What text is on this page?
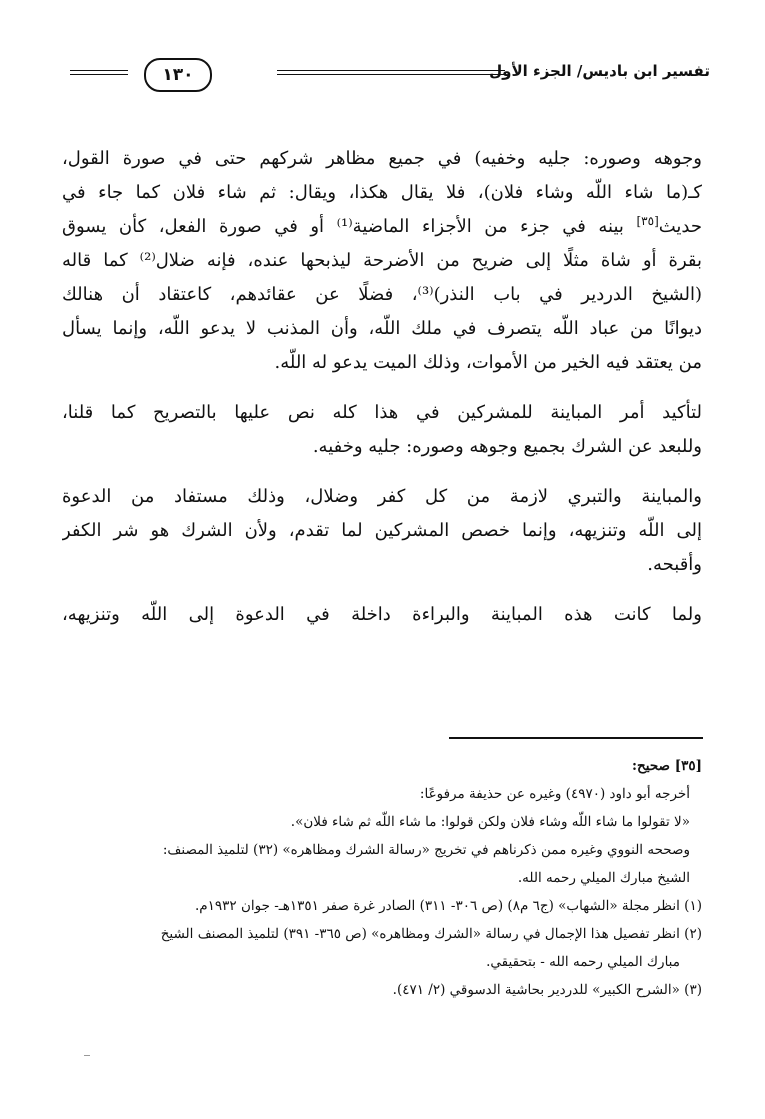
تفسير ابن باديس/ الجزء الأول
١٣٠
وجوهه وصوره: جليه وخفيه) في جميع مظاهر شركهم حتى في صورة القول،
كـ(ما شاء اللّه وشاء فلان)، فلا يقال هكذا، ويقال: ثم شاء فلان كما جاء في
حديث[٣٥] بينه في جزء من الأجزاء الماضية⁽¹⁾ أو في صورة الفعل، كأن يسوق
بقرة أو شاة مثلًا إلى ضريح من الأضرحة ليذبحها عنده، فإنه ضلال⁽²⁾ كما قاله
(الشيخ الدردير في باب النذر)⁽³⁾، فضلًا عن عقائدهم، كاعتقاد أن هنالك
ديوانًا من عباد اللّه يتصرف في ملك اللّه، وأن المذنب لا يدعو اللّه، وإنما يسأل
من يعتقد فيه الخير من الأموات، وذلك الميت يدعو له اللّه.
لتأكيد أمر المباينة للمشركين في هذا كله نص عليها بالتصريح كما قلنا،
وللبعد عن الشرك بجميع وجوهه وصوره: جليه وخفيه.
والمباينة والتبري لازمة من كل كفر وضلال، وذلك مستفاد من الدعوة
إلى اللّه وتنزيهه، وإنما خصص المشركين لما تقدم، ولأن الشرك هو شر الكفر
وأقبحه.
ولما كانت هذه المباينة والبراءة داخلة في الدعوة إلى اللّه وتنزيهه،
[٣٥] صحيح:
أخرجه أبو داود (٤٩٧٠) وغيره عن حذيفة مرفوعًا:
«لا تقولوا ما شاء اللّه وشاء فلان ولكن قولوا: ما شاء اللّه ثم شاء فلان».
وصححه النووي وغيره ممن ذكرناهم في تخريج «رسالة الشرك ومظاهره» (٣٢) لتلميذ المصنف:
الشيخ مبارك الميلي رحمه الله.
(١) انظر مجلة «الشهاب» (ج٦ م٨) (ص ٣٠٦- ٣١١) الصادر غرة صفر ١٣٥١هـ- جوان ١٩٣٢م.
(٢) انظر تفصيل هذا الإجمال في رسالة «الشرك ومظاهره» (ص ٣٦٥- ٣٩١) لتلميذ المصنف الشيخ
مبارك الميلي رحمه الله - بتحقيقي.
(٣) «الشرح الكبير» للدردير بحاشية الدسوقي (٢/ ٤٧١).
